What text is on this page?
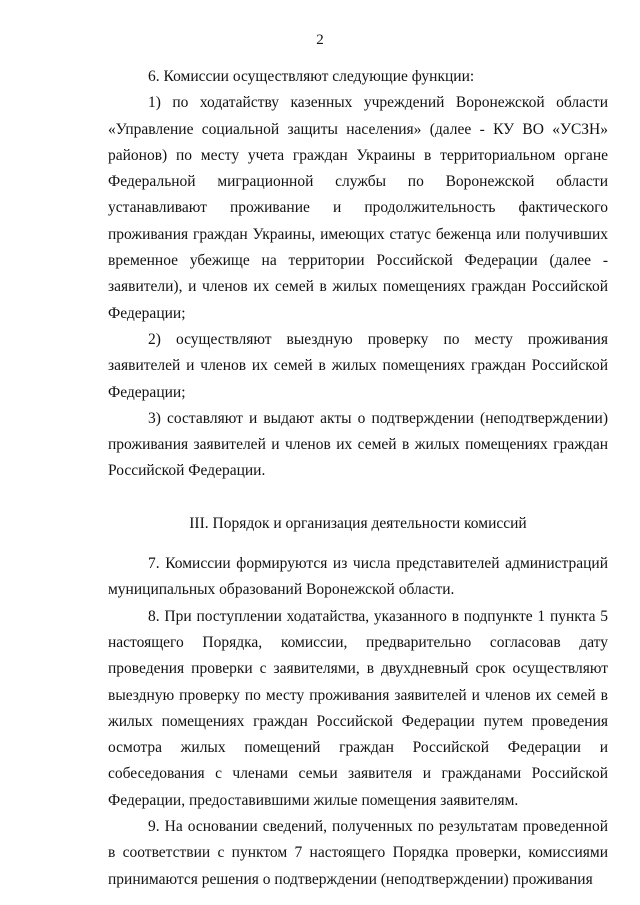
2

6. Комиссии осуществляют следующие функции:

1) по ходатайству казенных учреждений Воронежской области «Управление социальной защиты населения» (далее - КУ ВО «УСЗН» районов) по месту учета граждан Украины в территориальном органе Федеральной миграционной службы по Воронежской области устанавливают проживание и продолжительность фактического проживания граждан Украины, имеющих статус беженца или получивших временное убежище на территории Российской Федерации (далее - заявители), и членов их семей в жилых помещениях граждан Российской Федерации;

2) осуществляют выездную проверку по месту проживания заявителей и членов их семей в жилых помещениях граждан Российской Федерации;

3) составляют и выдают акты о подтверждении (неподтверждении) проживания заявителей и членов их семей в жилых помещениях граждан Российской Федерации.

III. Порядок и организация деятельности комиссий

7. Комиссии формируются из числа представителей администраций муниципальных образований Воронежской области.

8. При поступлении ходатайства, указанного в подпункте 1 пункта 5 настоящего Порядка, комиссии, предварительно согласовав дату проведения проверки с заявителями, в двухдневный срок осуществляют выездную проверку по месту проживания заявителей и членов их семей в жилых помещениях граждан Российской Федерации путем проведения осмотра жилых помещений граждан Российской Федерации и собеседования с членами семьи заявителя и гражданами Российской Федерации, предоставившими жилые помещения заявителям.

9. На основании сведений, полученных по результатам проведенной в соответствии с пунктом 7 настоящего Порядка проверки, комиссиями принимаются решения о подтверждении (неподтверждении) проживания
